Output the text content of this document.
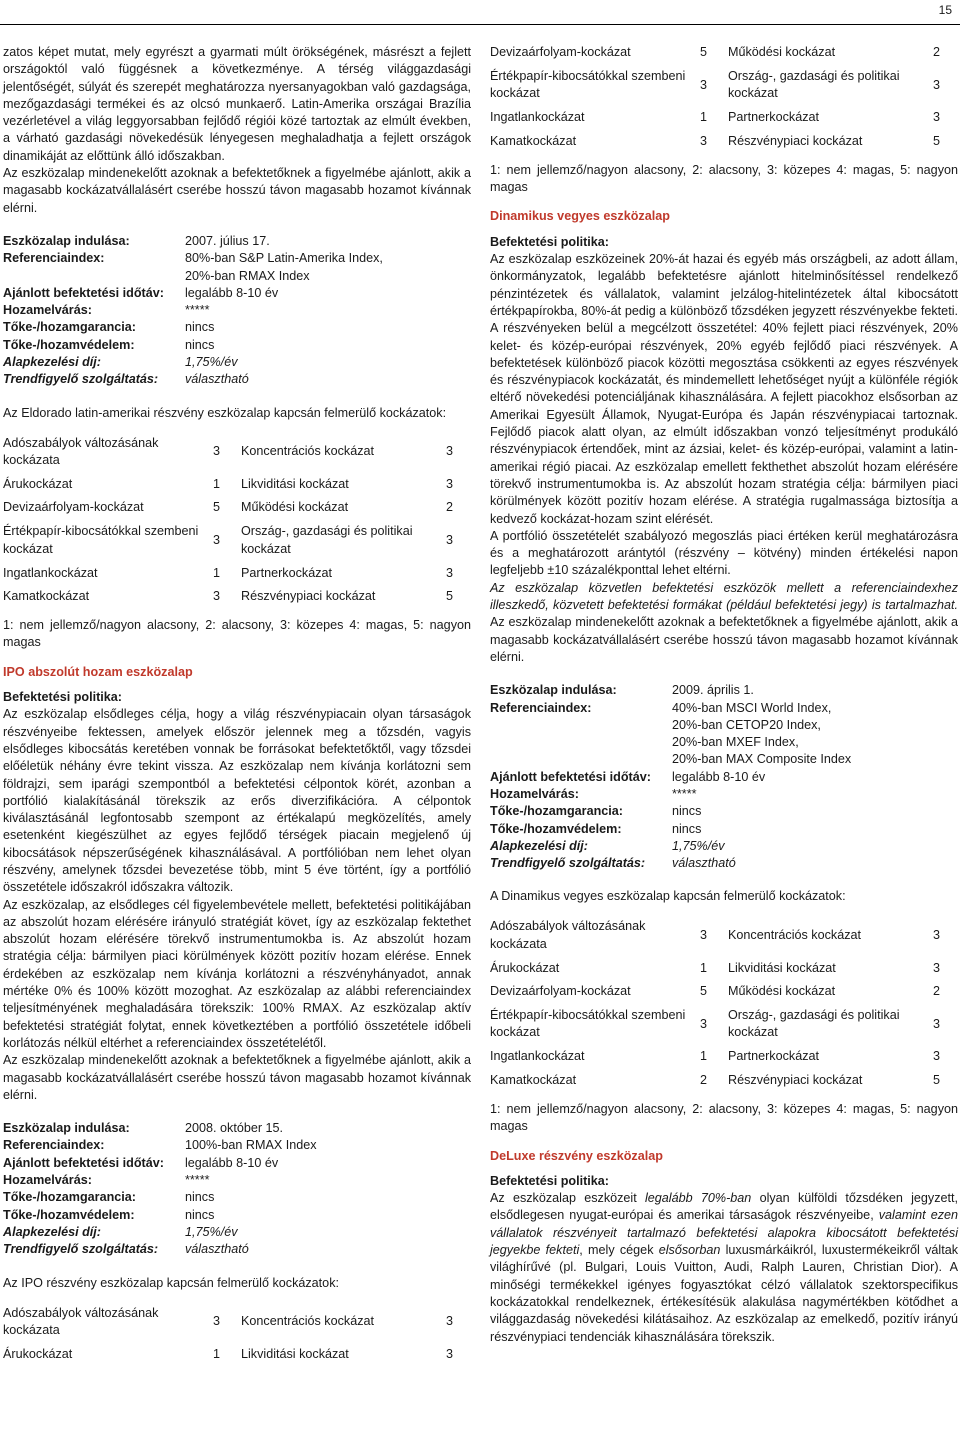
15

zatos képet mutat, mely egyrészt a gyarmati múlt örökségének, másrészt a fejlett országoktól való függésnek a következménye. A térség világgazdasági jelentőségét, súlyát és szerepét meghatározza nyersanyagokban való gazdagsága, mezőgazdasági termékei és az olcsó munkaerő. Latin-Amerika országai Brazília vezérletével a világ leggyorsabban fejlődő régiói közé tartoztak az elmúlt években, a várható gazdasági növekedésük lényegesen meghaladhatja a fejlett országok dinamikáját az előttünk álló időszakban.

Az eszközalap mindenekelőtt azoknak a befektetőknek a figyelmébe ajánlott, akik a magasabb kockázatvállalásért cserébe hosszú távon magasabb hozamot kívánnak elérni.

Eszközalap indulása:	2007. július 17.
Referenciaindex:	80%-ban S&P Latin-Amerika Index,
20%-ban RMAX Index
Ajánlott befektetési időtáv:	legalább 8-10 év
Hozamelvárás:	*****
Tőke-/hozamgarancia:	nincs
Tőke-/hozamvédelem:	nincs
Alapkezelési díj:	1,75%/év
Trendfigyelő szolgáltatás:	választható

Az Eldorado latin-amerikai részvény eszközalap kapcsán felmerülő kockázatok:

Adószabályok változásának kockázata	3	Koncentrációs kockázat	3

Árukockázat	1	Likviditási kockázat	3

Devizaárfolyam-kockázat	5	Működési kockázat	2

Értékpapír-kibocsátókkal szembeni kockázat	3	Ország-, gazdasági és politikai kockázat	3

Ingatlankockázat	1	Partnerkockázat	3

Kamatkockázat	3	Részvénypiaci kockázat	5

1: nem jellemző/nagyon alacsony, 2: alacsony, 3: közepes 4: magas, 5: nagyon magas

IPO abszolút hozam eszközalap
Befektetési politika:

Az eszközalap elsődleges célja, hogy a világ részvénypiacain olyan társaságok részvényeibe fektessen, amelyek először jelennek meg a tőzsdén, vagyis elsődleges kibocsátás keretében vonnak be forrásokat befektetőktől, vagy tőzsdei előéletük néhány évre tekint vissza. Az eszközalap nem kívánja korlátozni sem földrajzi, sem iparági szempontból a befektetési célpontok körét, azonban a portfólió kialakításánál törekszik az erős diverzifikációra. A célpontok kiválasztásánál legfontosabb szempont az értékalapú megközelítés, amely esetenként kiegészülhet az egyes fejlődő térségek piacain megjelenő új kibocsátások népszerűségének kihasználásával. A portfólióban nem lehet olyan részvény, amelynek tőzsdei bevezetése több, mint 5 éve történt, így a portfólió összetétele időszakról időszakra változik.

Az eszközalap, az elsődleges cél figyelembevétele mellett, befektetési politikájában az abszolút hozam elérésére irányuló stratégiát követ, így az eszközalap fektethet abszolút hozam elérésére törekvő instrumentumokba is. Az abszolút hozam stratégia célja: bármilyen piaci körülmények között pozitív hozam elérése. Ennek érdekében az eszközalap nem kívánja korlátozni a részvényhányadot, annak mértéke 0% és 100% között mozoghat. Az eszközalap az alábbi referenciaindex teljesítményének meghaladására törekszik: 100% RMAX. Az eszközalap aktív befektetési stratégiát folytat, ennek következtében a portfólió összetétele időbeli korlátozás nélkül eltérhet a referenciaindex összetételétől.

Az eszközalap mindenekelőtt azoknak a befektetőknek a figyelmébe ajánlott, akik a magasabb kockázatvállalásért cserébe hosszú távon magasabb hozamot kívánnak elérni.

Eszközalap indulása:	2008. október 15.
Referenciaindex:	100%-ban RMAX Index
Ajánlott befektetési időtáv:	legalább 8-10 év
Hozamelvárás:	*****
Tőke-/hozamgarancia:	nincs
Tőke-/hozamvédelem:	nincs
Alapkezelési díj:	1,75%/év
Trendfigyelő szolgáltatás:	választható

Az IPO részvény eszközalap kapcsán felmerülő kockázatok:

Adószabályok változásának kockázata	3	Koncentrációs kockázat	3

Árukockázat	1	Likviditási kockázat	3
Devizaárfolyam-kockázat	5	Működési kockázat	2

Értékpapír-kibocsátókkal szembeni kockázat	3	Ország-, gazdasági és politikai kockázat	3

Ingatlankockázat	1	Partnerkockázat	3

Kamatkockázat	3	Részvénypiaci kockázat	5

1: nem jellemző/nagyon alacsony, 2: alacsony, 3: közepes 4: magas, 5: nagyon magas

Dinamikus vegyes eszközalap
Befektetési politika:

Az eszközalap eszközeinek 20%-át hazai és egyéb más országbeli, az adott állam, önkormányzatok, legalább befektetésre ajánlott hitelminősítéssel rendelkező pénzintézetek és vállalatok, valamint jelzálog-hitelintézetek által kibocsátott értékpapírokba, 80%-át pedig a különböző tőzsdéken jegyzett részvényekbe fekteti. A részvényeken belül a megcélzott összetétel: 40% fejlett piaci részvények, 20% kelet- és közép-európai részvények, 20% egyéb fejlődő piaci részvények. A befektetések különböző piacok közötti megosztása csökkenti az egyes részvények és részvénypiacok kockázatát, és mindemellett lehetőséget nyújt a különféle régiók eltérő növekedési potenciáljának kihasználására. A fejlett piacokhoz elsősorban az Amerikai Egyesült Államok, Nyugat-Európa és Japán részvénypiacai tartoznak. Fejlődő piacok alatt olyan, az elmúlt időszakban vonzó teljesítményt produkáló részvénypiacok értendőek, mint az ázsiai, kelet- és közép-európai, valamint a latin-amerikai régió piacai. Az eszközalap emellett fekthethet abszolút hozam elérésére törekvő instrumentumokba is. Az abszolút hozam stratégia célja: bármilyen piaci körülmények között pozitív hozam elérése. A stratégia rugalmassága biztosítja a kedvező kockázat-hozam szint elérését.

A portfólió összetételét szabályozó megoszlás piaci értéken kerül meghatározásra és a meghatározott arántytól (részvény – kötvény) minden értékelési napon legfeljebb ±10 százalékponttal lehet eltérni.

Az eszközalap közvetlen befektetési eszközök mellett a referenciaindexhez illeszkedő, közvetett befektetési formákat (például befektetési jegy) is tartalmazhat. Az eszközalap mindenekelőtt azoknak a befektetőknek a figyelmébe ajánlott, akik a magasabb kockázatvállalásért cserébe hosszú távon magasabb hozamot kívánnak elérni.

Eszközalap indulása:	2009. április 1.
Referenciaindex:	40%-ban MSCI World Index,
20%-ban CETOP20 Index,
20%-ban MXEF Index,
20%-ban MAX Composite Index
Ajánlott befektetési időtáv:	legalább 8-10 év
Hozamelvárás:	*****
Tőke-/hozamgarancia:	nincs
Tőke-/hozamvédelem:	nincs
Alapkezelési díj:	1,75%/év
Trendfigyelő szolgáltatás:	választható

A Dinamikus vegyes eszközalap kapcsán felmerülő kockázatok:

Adószabályok változásának kockázata	3	Koncentrációs kockázat	3

Árukockázat	1	Likviditási kockázat	3

Devizaárfolyam-kockázat	5	Működési kockázat	2

Értékpapír-kibocsátókkal szembeni kockázat	3	Ország-, gazdasági és politikai kockázat	3

Ingatlankockázat	1	Partnerkockázat	3

Kamatkockázat	2	Részvénypiaci kockázat	5

1: nem jellemző/nagyon alacsony, 2: alacsony, 3: közepes 4: magas, 5: nagyon magas

DeLuxe részvény eszközalap
Befektetési politika:

Az eszközalap eszközeit legalább 70%-ban olyan külföldi tőzsdéken jegyzett, elsődlegesen nyugat-európai és amerikai társaságok részvényeibe, valamint ezen vállalatok részvényeit tartalmazó befektetési alapokra kibocsátott befektetési jegyekbe fekteti, mely cégek elsősorban luxusmárkáikról, luxustermékeikről váltak világhírűvé (pl. Bulgari, Louis Vuitton, Audi, Ralph Lauren, Christian Dior). A minőségi termékekkel igényes fogyasztókat célzó vállalatok szektorspecifikus kockázatokkal rendelkeznek, értékesítésük alakulása nagymértékben kötődhet a világgazdaság növekedési kilátásaihoz. Az eszközalap az emelkedő, pozitív irányú részvénypiaci tendenciák kihasználására törekszik.
